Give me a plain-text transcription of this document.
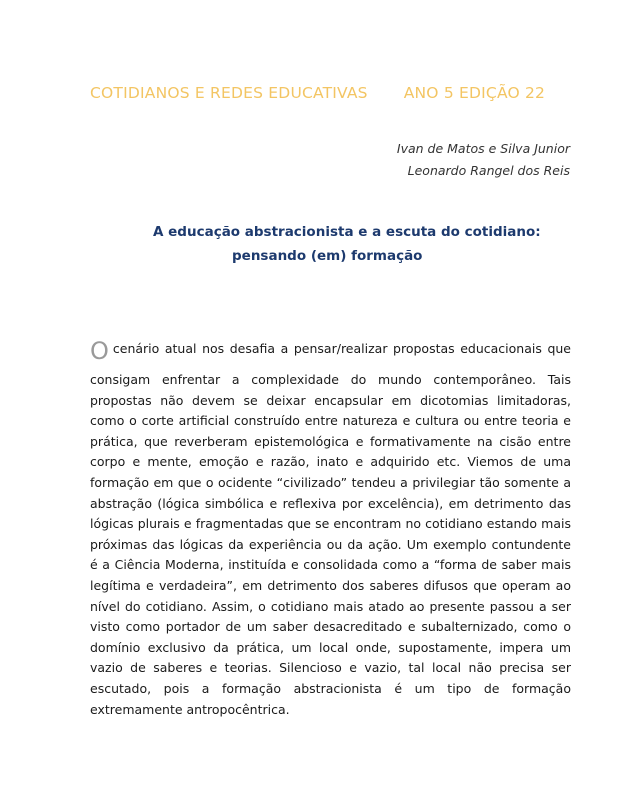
COTIDIANOS E REDES EDUCATIVAS ANO 5 EDIÇÃO 22
Ivan de Matos e Silva Junior
Leonardo Rangel dos Reis
A educação abstracionista e a escuta do cotidiano:
pensando (em) formação
O cenário atual nos desafia a pensar/realizar propostas educacionais que
consigam enfrentar a complexidade do mundo contemporâneo. Tais propostas não devem se deixar encapsular em dicotomias limitadoras, como o corte artificial construído entre natureza e cultura ou entre teoria e prática, que reverberam epistemológica e formativamente na cisão entre corpo e mente, emoção e razão, inato e adquirido etc. Viemos de uma formação em que o ocidente “civilizado” tendeu a privilegiar tão somente a abstração (lógica simbólica e reflexiva por excelência), em detrimento das lógicas plurais e fragmentadas que se encontram no cotidiano estando mais próximas das lógicas da experiência ou da ação. Um exemplo contundente é a Ciência Moderna, instituída e consolidada como a “forma de saber mais legítima e verdadeira”, em detrimento dos saberes difusos que operam ao nível do cotidiano. Assim, o cotidiano mais atado ao presente passou a ser visto como portador de um saber desacreditado e subalternizado, como o domínio exclusivo da prática, um local onde, supostamente, impera um vazio de saberes e teorias. Silencioso e vazio, tal local não precisa ser escutado, pois a formação abstracionista é um tipo de formação extremamente antropocêntrica.
